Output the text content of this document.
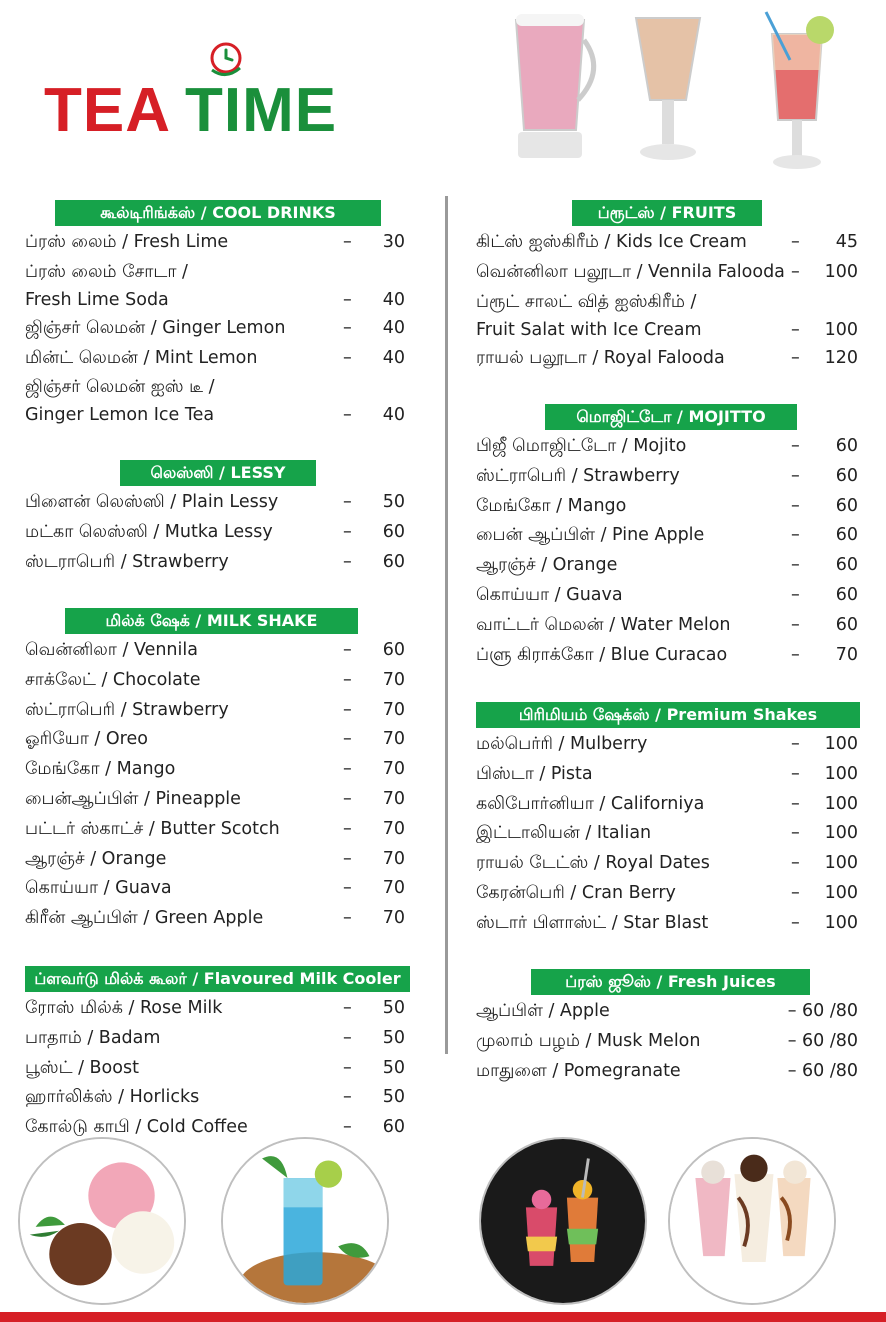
TEA TIME
கூல்டிரிங்க்ஸ் / COOL DRINKS
ப்ரஸ் லைம் / Fresh Lime	– 30
ப்ரஸ் லைம் சோடா /
Fresh Lime Soda	– 40
ஜிஞ்சர் லெமன் / Ginger Lemon	– 40
மின்ட் லெமன் / Mint Lemon	– 40
ஜிஞ்சர் லெமன் ஐஸ் டீ /
Ginger Lemon Ice Tea	– 40
லெஸ்ஸி / LESSY
பிளைன் லெஸ்ஸி / Plain Lessy	– 50
மட்கா லெஸ்ஸி / Mutka Lessy	– 60
ஸ்டராபெரி / Strawberry	– 60
மில்க் ஷேக் / MILK SHAKE
வென்னிலா / Vennila	– 60
சாக்லேட் / Chocolate	– 70
ஸ்ட்ராபெரி / Strawberry	– 70
ஓரியோ / Oreo	– 70
மேங்கோ / Mango	– 70
பைன்ஆப்பிள் / Pineapple	– 70
பட்டர் ஸ்காட்ச் / Butter Scotch	– 70
ஆரஞ்ச் / Orange	– 70
கொய்யா / Guava	– 70
கிரீன் ஆப்பிள் / Green Apple	– 70
ப்ளவர்டு மில்க் கூலர் / Flavoured Milk Cooler
ரோஸ் மில்க் / Rose Milk	– 50
பாதாம் / Badam	– 50
பூஸ்ட் / Boost	– 50
ஹார்லிக்ஸ் / Horlicks	– 50
கோல்டு காபி / Cold Coffee	– 60
ப்ரூட்ஸ் / FRUITS
கிட்ஸ் ஐஸ்கிரீம் / Kids Ice Cream	– 45
வென்னிலா பலூடா / Vennila Falooda – 100
ப்ரூட் சாலட் வித் ஐஸ்கிரீம் /
Fruit Salat with Ice Cream	– 100
ராயல் பலூடா / Royal Falooda	– 120
மொஜிட்டோ / MOJITTO
பிஜீ மொஜிட்டோ / Mojito	– 60
ஸ்ட்ராபெரி / Strawberry	– 60
மேங்கோ / Mango	– 60
பைன் ஆப்பிள் / Pine Apple	– 60
ஆரஞ்ச் / Orange	– 60
கொய்யா / Guava	– 60
வாட்டர் மெலன் / Water Melon	– 60
ப்ளு கிராக்கோ / Blue Curacao	– 70
பிரிமியம் ஷேக்ஸ் / Premium Shakes
மல்பெர்ரி / Mulberry	– 100
பிஸ்டா / Pista	– 100
கலிபோர்னியா / Californiya	– 100
இட்டாலியன் / Italian	– 100
ராயல் டேட்ஸ் / Royal Dates	– 100
கேரன்பெரி / Cran Berry	– 100
ஸ்டார் பிளாஸ்ட் / Star Blast	– 100
ப்ரஸ் ஜூஸ் / Fresh Juices
ஆப்பிள் / Apple	– 60 /80
முலாம் பழம் / Musk Melon	– 60 /80
மாதுளை / Pomegranate	– 60 /80
